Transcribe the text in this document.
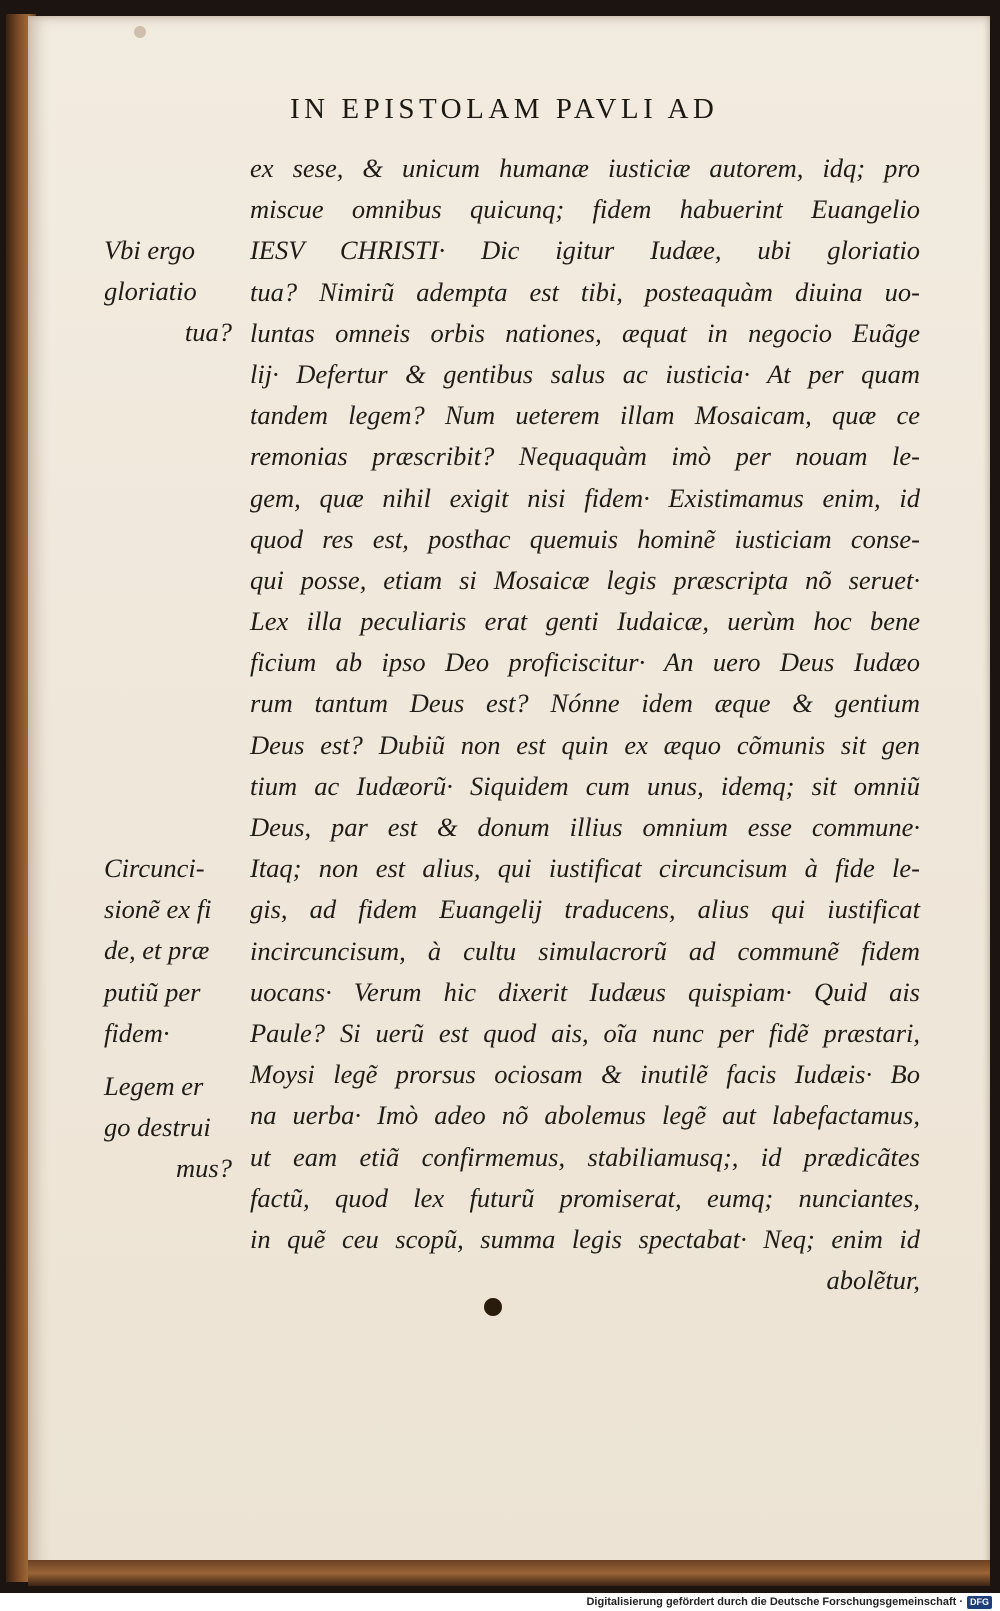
IN EPISTOLAM PAVLI AD
ex sese, & unicum humanæ iusticiæ autorem, idq; pro
miscue omnibus quicunq; fidem habuerint Euangelio
IESV CHRISTI· Dic igitur Iudæe, ubi gloriatio
tua? Nimirũ adempta est tibi, posteaquàm diuina uo-
luntas omneis orbis nationes, æquat in negocio Euãge
lij· Defertur & gentibus salus ac iusticia· At per quam
tandem legem? Num ueterem illam Mosaicam, quæ ce
remonias præscribit? Nequaquàm imò per nouam le-
gem, quæ nihil exigit nisi fidem· Existimamus enim, id
quod res est, posthac quemuis hominẽ iusticiam conse-
qui posse, etiam si Mosaicæ legis præscripta nõ seruet·
Lex illa peculiaris erat genti Iudaicæ, uerùm hoc bene
ficium ab ipso Deo proficiscitur· An uero Deus Iudæo
rum tantum Deus est? Nónne idem æque & gentium
Deus est? Dubiũ non est quin ex æquo cõmunis sit gen
tium ac Iudæorũ· Siquidem cum unus, idemq; sit omniũ
Deus, par est & donum illius omnium esse commune·
Itaq; non est alius, qui iustificat circuncisum à fide le-
gis, ad fidem Euangelij traducens, alius qui iustificat
incircuncisum, à cultu simulacrorũ ad communẽ fidem
uocans· Verum hic dixerit Iudæus quispiam· Quid ais
Paule? Si uerũ est quod ais, oĩa nunc per fidẽ præstari,
Moysi legẽ prorsus ociosam & inutilẽ facis Iudæis· Bo
na uerba· Imò adeo nõ abolemus legẽ aut labefactamus,
ut eam etiã confirmemus, stabiliamusq;, id prædicãtes
factũ, quod lex futurũ promiserat, eumq; nunciantes,
in quẽ ceu scopũ, summa legis spectabat· Neq; enim id
abolẽtur,
Vbi ergo
gloriatio
tua?
Circunci-
sionẽ ex fi
de, et præ
putiũ per
fidem·
Legem er
go destrui
mus?
Digitalisierung gefördert durch die Deutsche Forschungsgemeinschaft · DFG
